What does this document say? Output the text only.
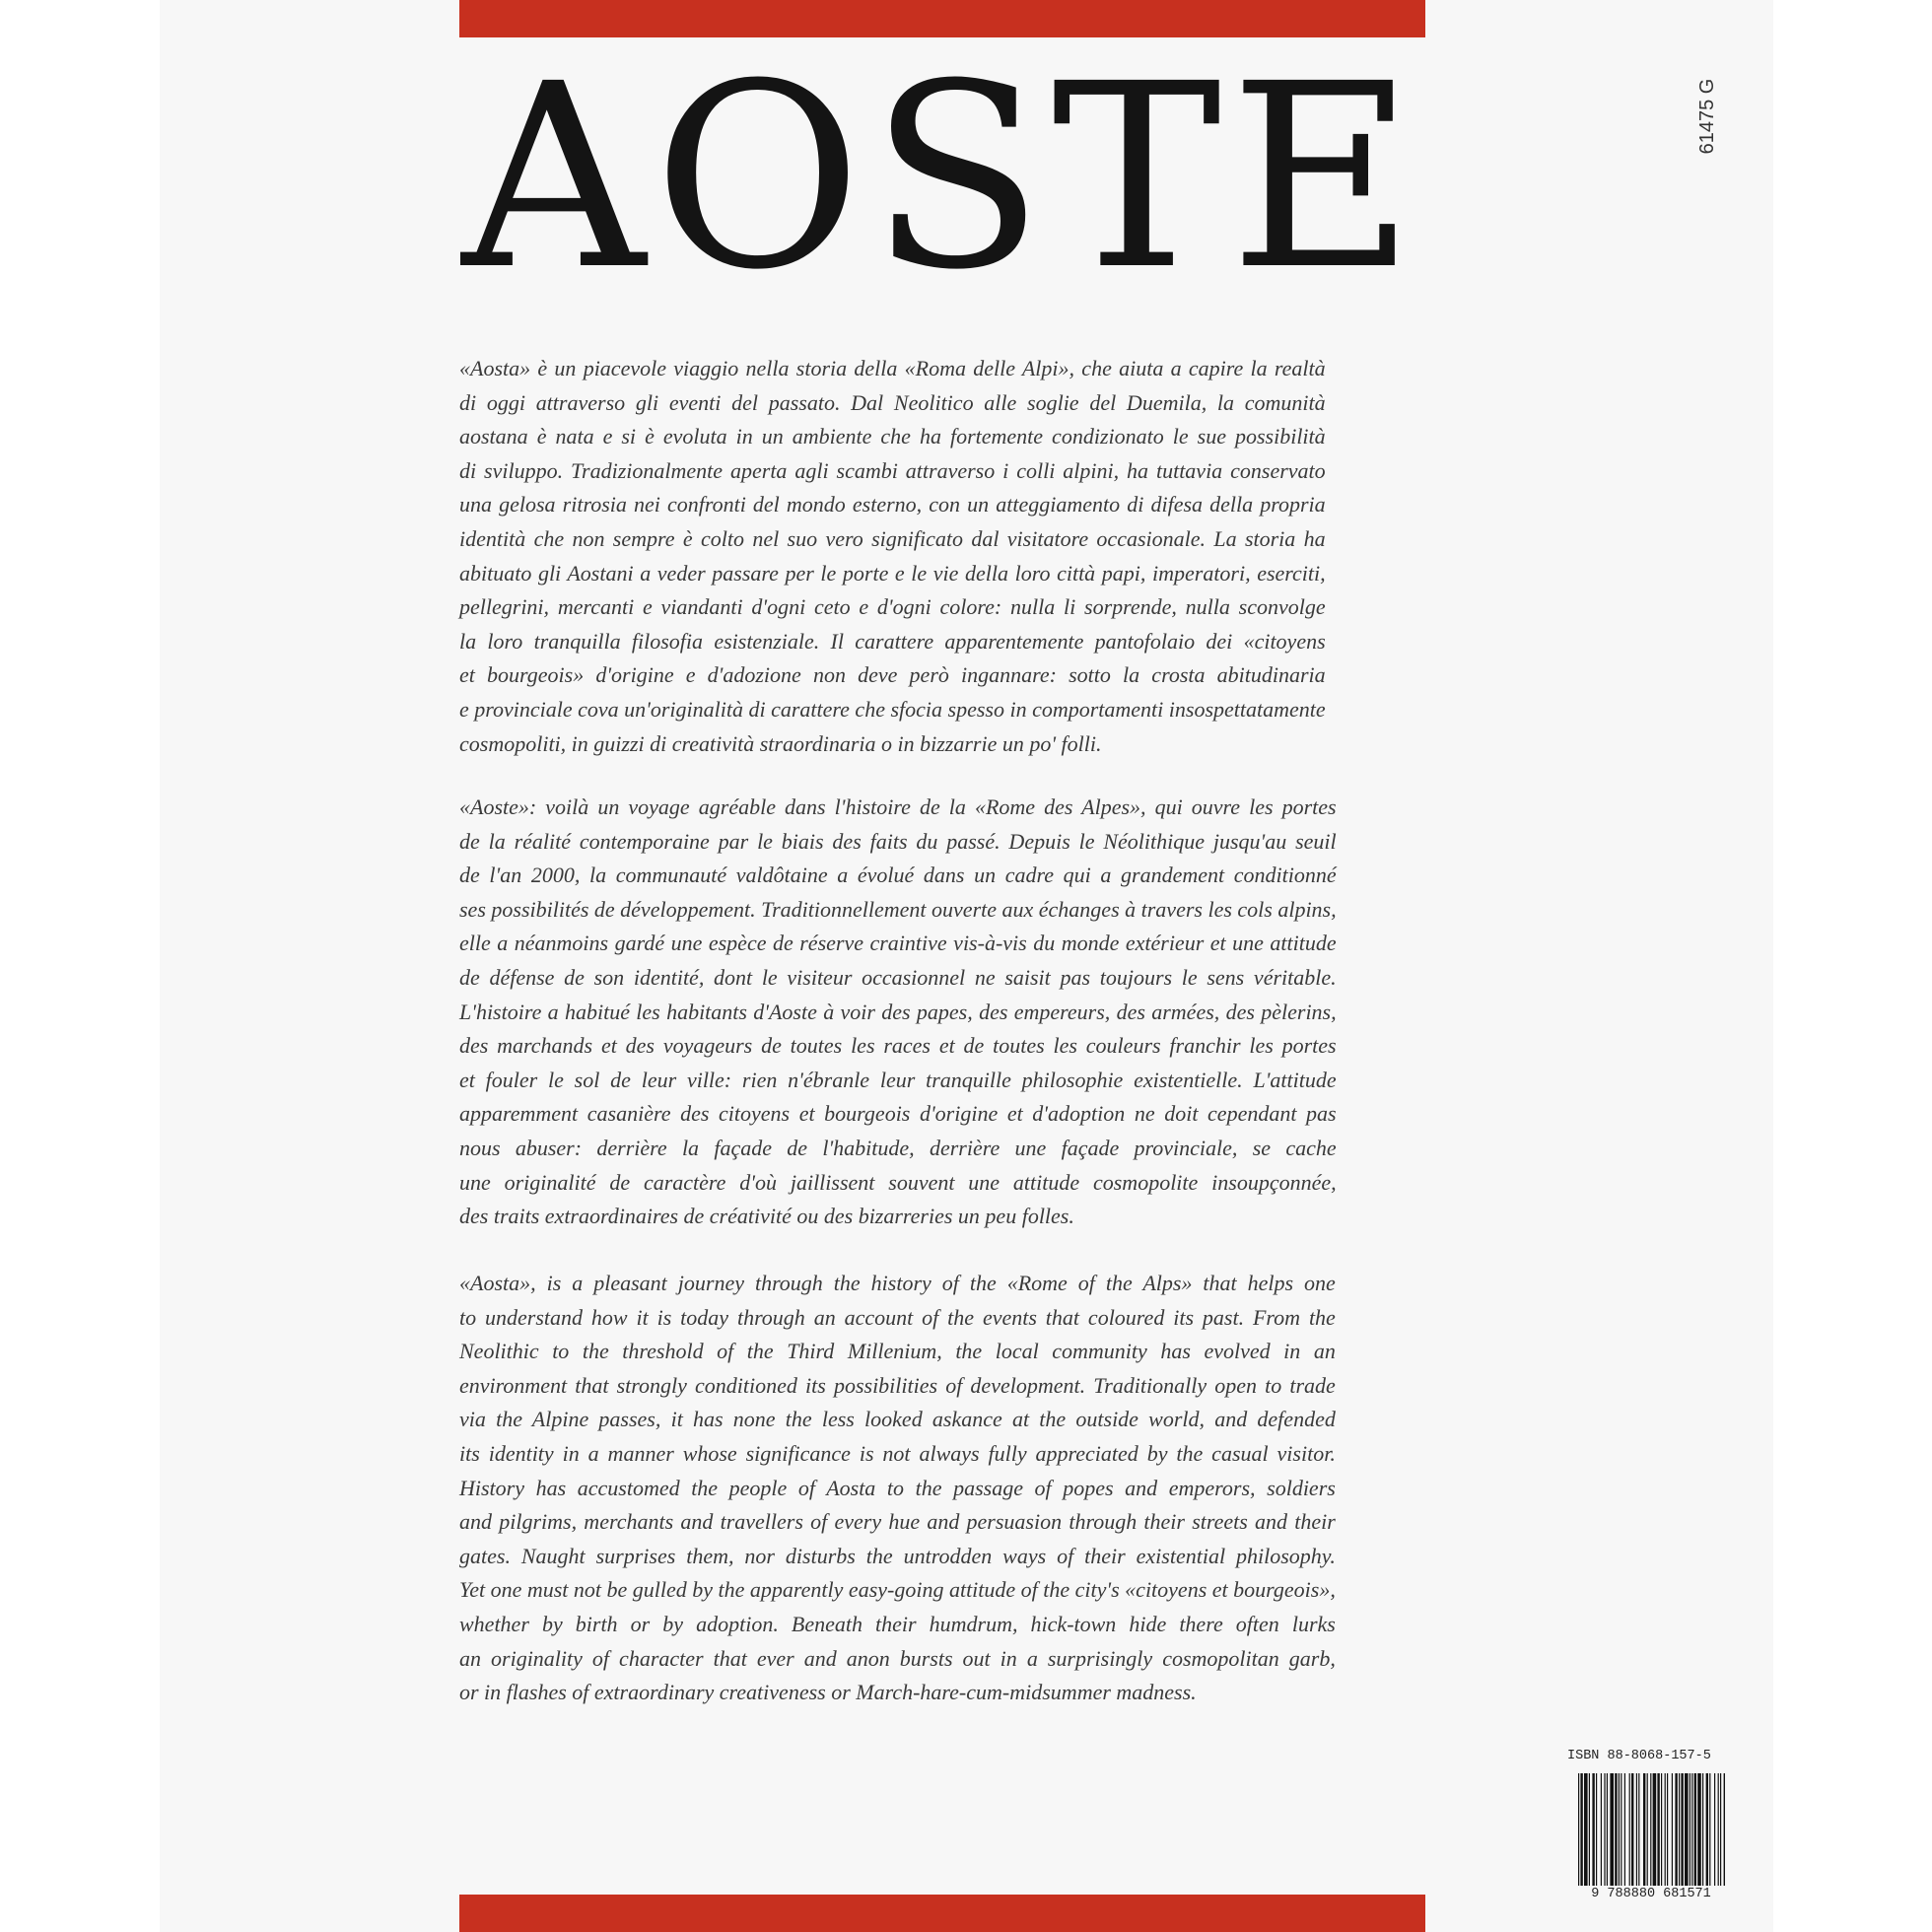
AOSTE	61475 G
«Aosta» è un piacevole viaggio nella storia della «Roma delle Alpi», che aiuta a capire la realtà
di oggi attraverso gli eventi del passato. Dal Neolitico alle soglie del Duemila, la comunità
aostana è nata e si è evoluta in un ambiente che ha fortemente condizionato le sue possibilità
di sviluppo. Tradizionalmente aperta agli scambi attraverso i colli alpini, ha tuttavia conservato
una gelosa ritrosia nei confronti del mondo esterno, con un atteggiamento di difesa della propria
identità che non sempre è colto nel suo vero significato dal visitatore occasionale. La storia ha
abituato gli Aostani a veder passare per le porte e le vie della loro città papi, imperatori, eserciti,
pellegrini, mercanti e viandanti d'ogni ceto e d'ogni colore: nulla li sorprende, nulla sconvolge
la loro tranquilla filosofia esistenziale. Il carattere apparentemente pantofolaio dei «citoyens
et bourgeois» d'origine e d'adozione non deve però ingannare: sotto la crosta abitudinaria
e provinciale cova un'originalità di carattere che sfocia spesso in comportamenti insospettatamente
cosmopoliti, in guizzi di creatività straordinaria o in bizzarrie un po' folli.
«Aoste»: voilà un voyage agréable dans l'histoire de la «Rome des Alpes», qui ouvre les portes
de la réalité contemporaine par le biais des faits du passé. Depuis le Néolithique jusqu'au seuil
de l'an 2000, la communauté valdôtaine a évolué dans un cadre qui a grandement conditionné
ses possibilités de développement. Traditionnellement ouverte aux échanges à travers les cols alpins,
elle a néanmoins gardé une espèce de réserve craintive vis-à-vis du monde extérieur et une attitude
de défense de son identité, dont le visiteur occasionnel ne saisit pas toujours le sens véritable.
L'histoire a habitué les habitants d'Aoste à voir des papes, des empereurs, des armées, des pèlerins,
des marchands et des voyageurs de toutes les races et de toutes les couleurs franchir les portes
et fouler le sol de leur ville: rien n'ébranle leur tranquille philosophie existentielle. L'attitude
apparemment casanière des citoyens et bourgeois d'origine et d'adoption ne doit cependant pas
nous abuser: derrière la façade de l'habitude, derrière une façade provinciale, se cache
une originalité de caractère d'où jaillissent souvent une attitude cosmopolite insoupçonnée,
des traits extraordinaires de créativité ou des bizarreries un peu folles.
«Aosta», is a pleasant journey through the history of the «Rome of the Alps» that helps one
to understand how it is today through an account of the events that coloured its past. From the
Neolithic to the threshold of the Third Millenium, the local community has evolved in an
environment that strongly conditioned its possibilities of development. Traditionally open to trade
via the Alpine passes, it has none the less looked askance at the outside world, and defended
its identity in a manner whose significance is not always fully appreciated by the casual visitor.
History has accustomed the people of Aosta to the passage of popes and emperors, soldiers
and pilgrims, merchants and travellers of every hue and persuasion through their streets and their
gates. Naught surprises them, nor disturbs the untrodden ways of their existential philosophy.
Yet one must not be gulled by the apparently easy-going attitude of the city's «citoyens et bourgeois»,
whether by birth or by adoption. Beneath their humdrum, hick-town hide there often lurks
an originality of character that ever and anon bursts out in a surprisingly cosmopolitan garb,
or in flashes of extraordinary creativeness or March-hare-cum-midsummer madness.
ISBN 88-8068-157-5
9 788880 681571
